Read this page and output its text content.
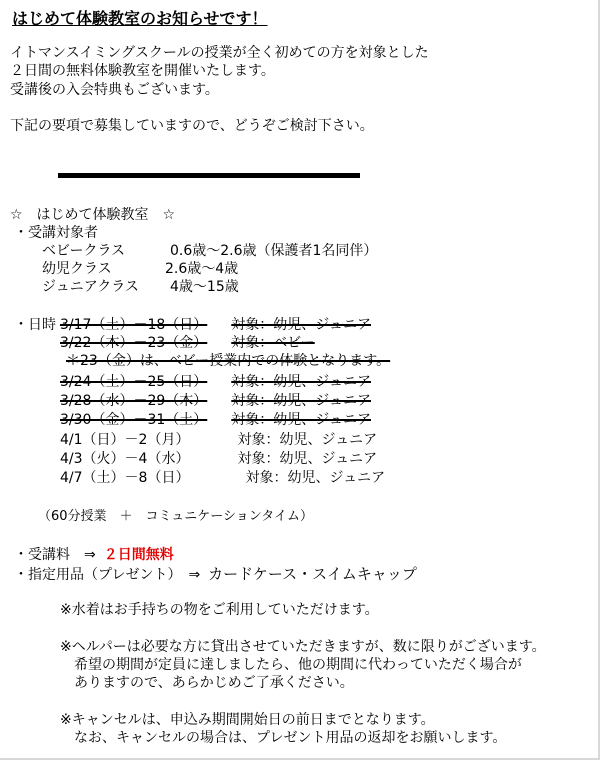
はじめて体験教室のお知らせです！
イトマンスイミングスクールの授業が全く初めての方を対象とした
２日間の無料体験教室を開催いたします。
受講後の入会特典もございます。
下記の要項で募集していますので、どうぞご検討下さい。
☆　はじめて体験教室　☆
・受講対象者
ベビークラス	0.6歳～2.6歳（保護者1名同伴）
幼児クラス	2.6歳～4歳
ジュニアクラス 4歳～15歳
・日時 3/17（土）－18（日） 対象：幼児、ジュニア
3/22（木）－23（金） 対象：ベビー
＊23（金）は、ベビー授業内での体験となります。
3/24（土）－25（日） 対象：幼児、ジュニア
3/28（水）－29（木） 対象：幼児、ジュニア
3/30（金）－31（土） 対象：幼児、ジュニア
4/1（日）－2（月）	対象：幼児、ジュニア
4/3（火）－4（水）	対象：幼児、ジュニア
4/7（土）－8（日）	対象：幼児、ジュニア
（60分授業　＋　コミュニケーションタイム）
・受講料　⇒ ２日間無料
・指定用品（プレゼント）　⇒ カードケース・スイムキャップ
※水着はお手持ちの物をご利用していただけます。
※ヘルパーは必要な方に貸出させていただきますが、数に限りがございます。
希望の期間が定員に達しましたら、他の期間に代わっていただく場合が
ありますので、あらかじめご了承ください。
※キャンセルは、申込み期間開始日の前日までとなります。
なお、キャンセルの場合は、プレゼント用品の返却をお願いします。
